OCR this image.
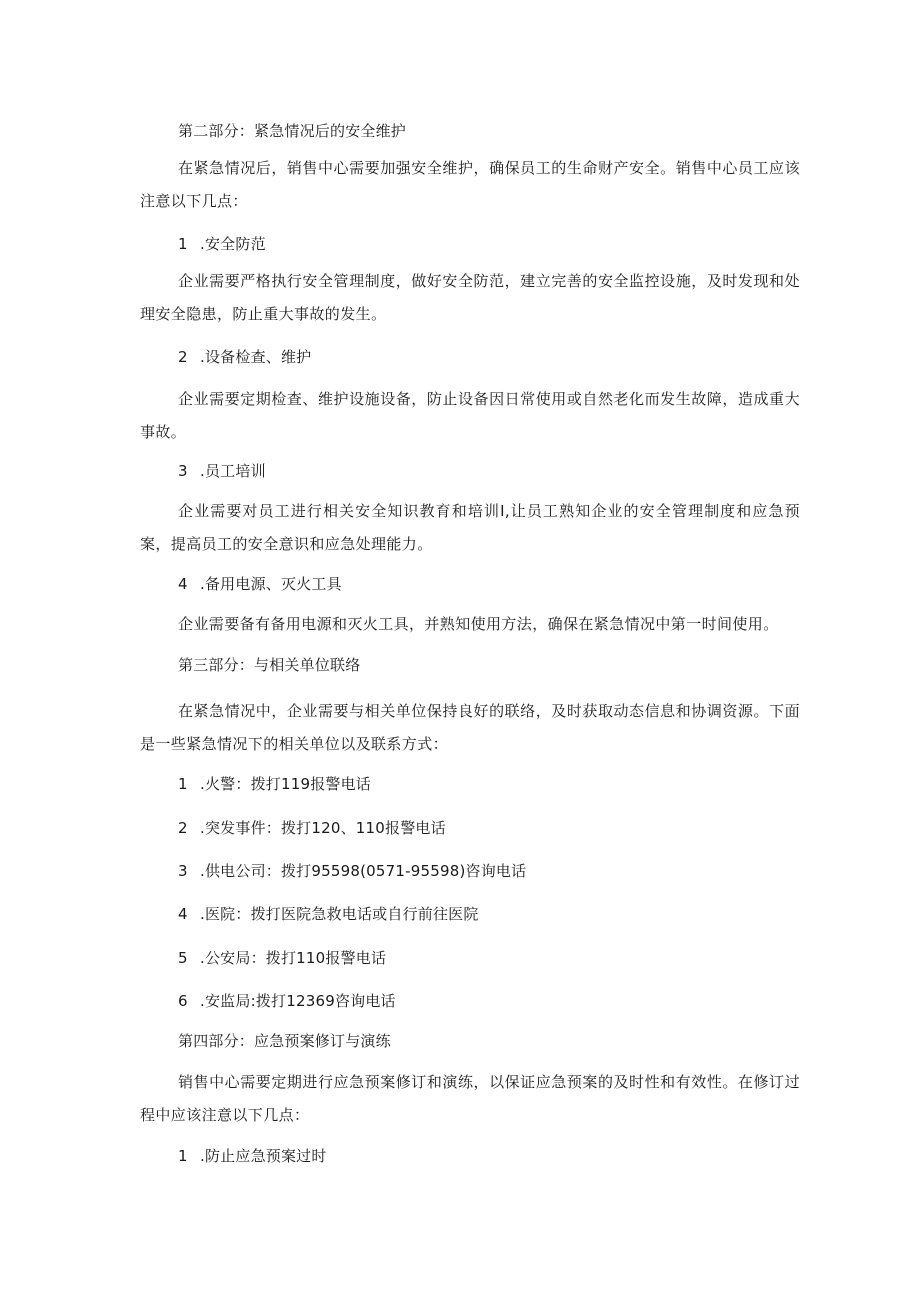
第二部分：紧急情况后的安全维护
在紧急情况后，销售中心需要加强安全维护，确保员工的生命财产安全。销售中心员工应该注意以下几点：
1 .安全防范
企业需要严格执行安全管理制度，做好安全防范，建立完善的安全监控设施，及时发现和处理安全隐患，防止重大事故的发生。
2 .设备检查、维护
企业需要定期检查、维护设施设备，防止设备因日常使用或自然老化而发生故障，造成重大事故。
3 .员工培训
企业需要对员工进行相关安全知识教育和培训I,让员工熟知企业的安全管理制度和应急预案，提高员工的安全意识和应急处理能力。
4 .备用电源、灭火工具
企业需要备有备用电源和灭火工具，并熟知使用方法，确保在紧急情况中第一时间使用。
第三部分：与相关单位联络
在紧急情况中，企业需要与相关单位保持良好的联络，及时获取动态信息和协调资源。下面是一些紧急情况下的相关单位以及联系方式：
1 .火警：拨打119报警电话
2 .突发事件：拨打120、110报警电话
3 .供电公司：拨打95598(0571-95598)咨询电话
4 .医院：拨打医院急救电话或自行前往医院
5 .公安局：拨打110报警电话
6 .安监局:拨打12369咨询电话
第四部分：应急预案修订与演练
销售中心需要定期进行应急预案修订和演练，以保证应急预案的及时性和有效性。在修订过程中应该注意以下几点：
1 .防止应急预案过时
